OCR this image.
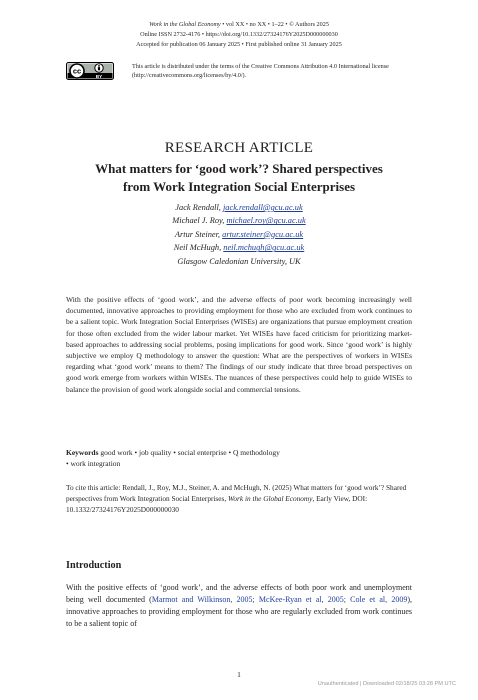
Work in the Global Economy • vol XX • no XX • 1–22 • © Authors 2025
Online ISSN 2732-4176 • https://doi.org/10.1332/27324176Y2025D000000030
Accepted for publication 06 January 2025 • First published online 31 January 2025
cc
BY
This article is distributed under the terms of the Creative Commons Attribution 4.0 International license (http://creativecommons.org/licenses/by/4.0/).
RESEARCH ARTICLE
What matters for ‘good work’? Shared perspectives
from Work Integration Social Enterprises
Jack Rendall, jack.rendall@gcu.ac.uk
Michael J. Roy, michael.roy@gcu.ac.uk
Artur Steiner, artur.steiner@gcu.ac.uk
Neil McHugh, neil.mchugh@gcu.ac.uk
Glasgow Caledonian University, UK
With the positive effects of ‘good work’, and the adverse effects of poor work becoming increasingly well documented, innovative approaches to providing employment for those who are excluded from work continues to be a salient topic. Work Integration Social Enterprises (WISEs) are organizations that pursue employment creation for those often excluded from the wider labour market. Yet WISEs have faced criticism for prioritizing market-based approaches to addressing social problems, posing implications for good work. Since ‘good work’ is highly subjective we employ Q methodology to answer the question: What are the perspectives of workers in WISEs regarding what ‘good work’ means to them? The findings of our study indicate that three broad perspectives on good work emerge from workers within WISEs. The nuances of these perspectives could help to guide WISEs to balance the provision of good work alongside social and commercial tensions.
Keywords good work • job quality • social enterprise • Q methodology
• work integration
To cite this article: Rendall, J., Roy, M.J., Steiner, A. and McHugh, N. (2025) What matters for ‘good work’? Shared perspectives from Work Integration Social Enterprises, Work in the Global Economy, Early View, DOI: 10.1332/27324176Y2025D000000030
Introduction
With the positive effects of ‘good work’, and the adverse effects of both poor work and unemployment being well documented (Marmot and Wilkinson, 2005; McKee-Ryan et al, 2005; Cole et al, 2009), innovative approaches to providing employment for those who are regularly excluded from work continues to be a salient topic of
1
Unauthenticated | Downloaded 02/18/25 03:28 PM UTC
